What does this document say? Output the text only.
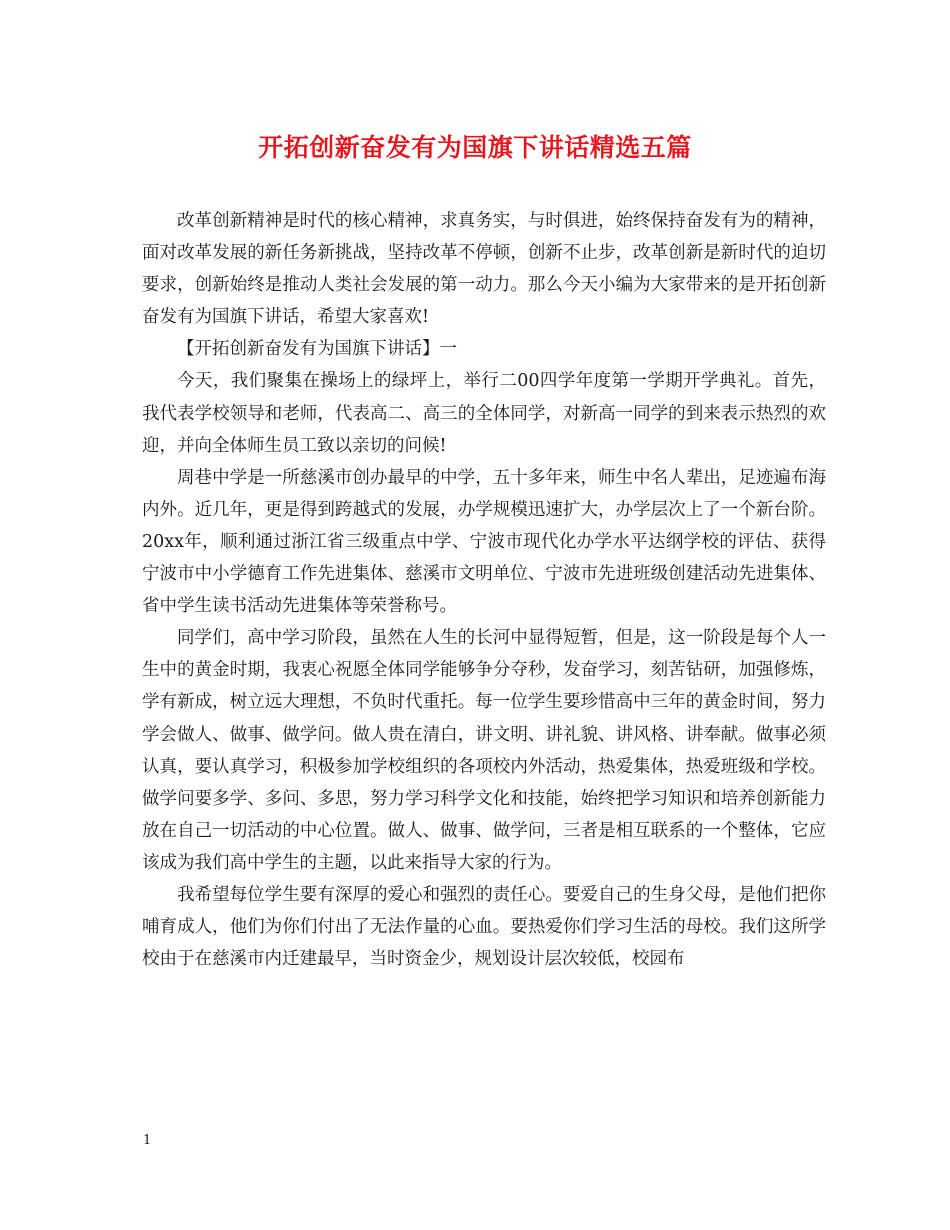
开拓创新奋发有为国旗下讲话精选五篇

改革创新精神是时代的核心精神，求真务实，与时俱进，始终保持奋发有为的精神，面对改革发展的新任务新挑战，坚持改革不停顿，创新不止步，改革创新是新时代的迫切要求，创新始终是推动人类社会发展的第一动力。那么今天小编为大家带来的是开拓创新奋发有为国旗下讲话，希望大家喜欢!

【开拓创新奋发有为国旗下讲话】一

今天，我们聚集在操场上的绿坪上，举行二00四学年度第一学期开学典礼。首先，我代表学校领导和老师，代表高二、高三的全体同学，对新高一同学的到来表示热烈的欢迎，并向全体师生员工致以亲切的问候!

周巷中学是一所慈溪市创办最早的中学，五十多年来，师生中名人辈出，足迹遍布海内外。近几年，更是得到跨越式的发展，办学规模迅速扩大，办学层次上了一个新台阶。20xx年，顺利通过浙江省三级重点中学、宁波市现代化办学水平达纲学校的评估、获得宁波市中小学德育工作先进集体、慈溪市文明单位、宁波市先进班级创建活动先进集体、省中学生读书活动先进集体等荣誉称号。

同学们，高中学习阶段，虽然在人生的长河中显得短暂，但是，这一阶段是每个人一生中的黄金时期，我衷心祝愿全体同学能够争分夺秒，发奋学习，刻苦钻研，加强修炼，学有新成，树立远大理想，不负时代重托。每一位学生要珍惜高中三年的黄金时间，努力学会做人、做事、做学问。做人贵在清白，讲文明、讲礼貌、讲风格、讲奉献。做事必须认真，要认真学习，积极参加学校组织的各项校内外活动，热爱集体，热爱班级和学校。做学问要多学、多问、多思，努力学习科学文化和技能，始终把学习知识和培养创新能力放在自己一切活动的中心位置。做人、做事、做学问，三者是相互联系的一个整体，它应该成为我们高中学生的主题，以此来指导大家的行为。

我希望每位学生要有深厚的爱心和强烈的责任心。要爱自己的生身父母，是他们把你哺育成人，他们为你们付出了无法作量的心血。要热爱你们学习生活的母校。我们这所学校由于在慈溪市内迁建最早，当时资金少，规划设计层次较低，校园布

1
